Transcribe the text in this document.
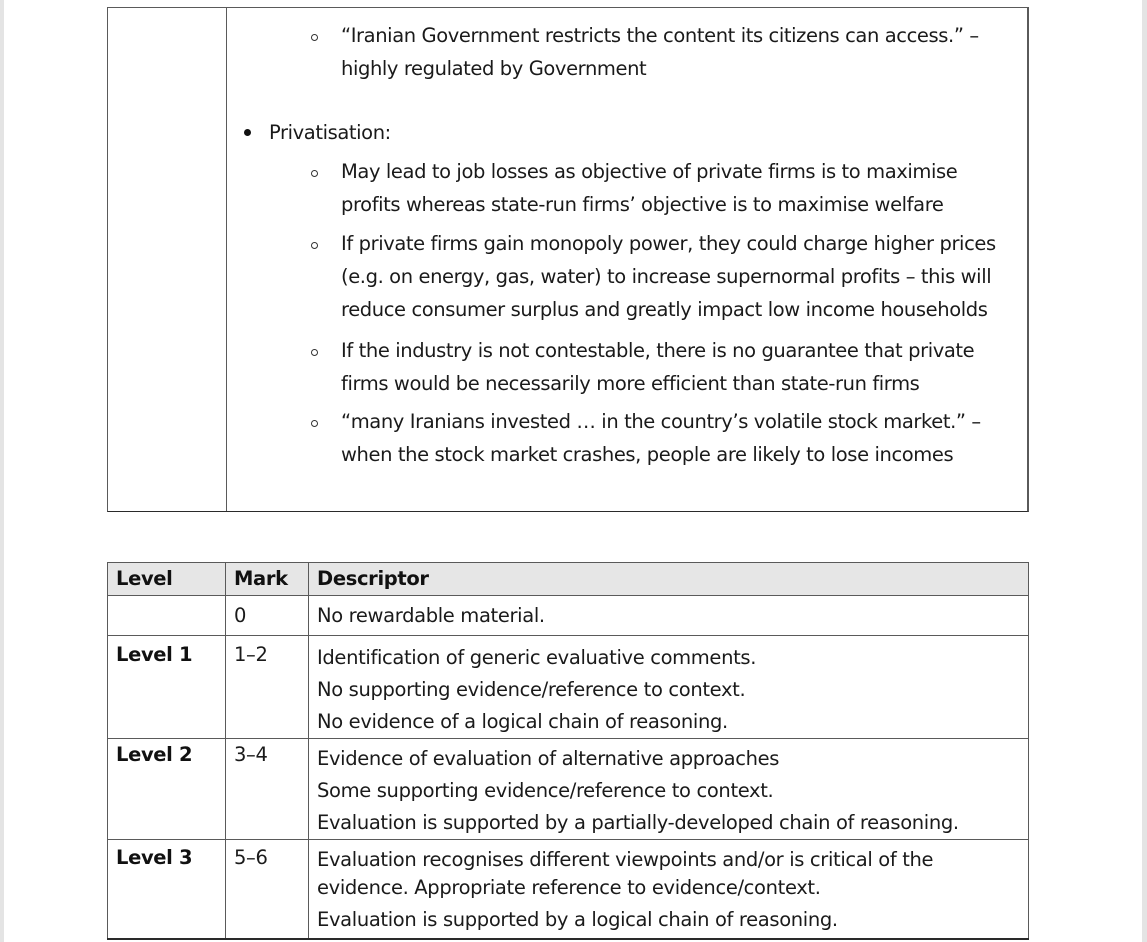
“Iranian Government restricts the content its citizens can access.” –
highly regulated by Government
Privatisation:
May lead to job losses as objective of private firms is to maximise
profits whereas state-run firms’ objective is to maximise welfare
If private firms gain monopoly power, they could charge higher prices
(e.g. on energy, gas, water) to increase supernormal profits – this will
reduce consumer surplus and greatly impact low income households
If the industry is not contestable, there is no guarantee that private
firms would be necessarily more efficient than state-run firms
“many Iranians invested … in the country’s volatile stock market.” –
when the stock market crashes, people are likely to lose incomes
Level	Mark	Descriptor
	0	No rewardable material.
Level 1	1–2	Identification of generic evaluative comments.
No supporting evidence/reference to context.
No evidence of a logical chain of reasoning.

Level 2	3–4	Evidence of evaluation of alternative approaches
Some supporting evidence/reference to context.
Evaluation is supported by a partially-developed chain of reasoning.

Level 3	5–6	Evaluation recognises different viewpoints and/or is critical of the
evidence. Appropriate reference to evidence/context.
Evaluation is supported by a logical chain of reasoning.
